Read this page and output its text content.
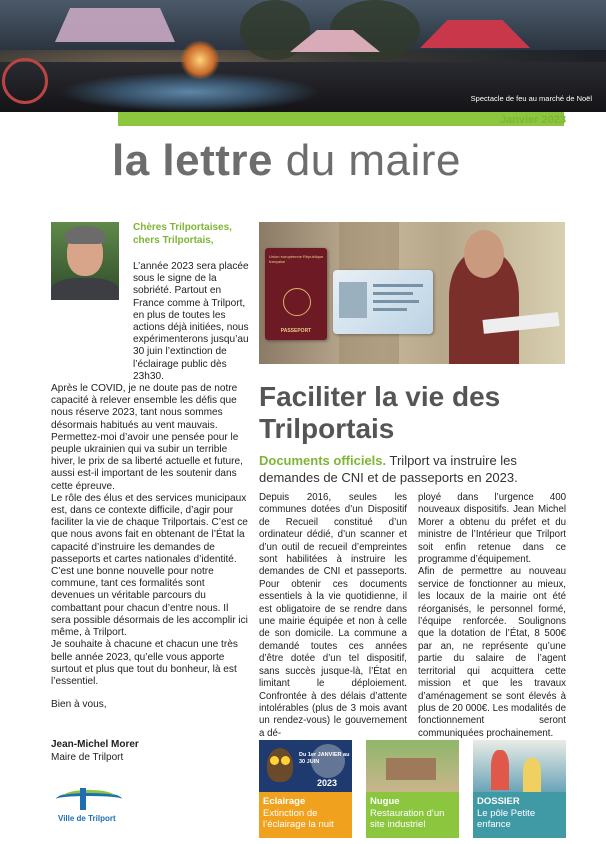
Spectacle de feu au marché de Noël
Janvier 2023
la lettre du maire
Chères Trilportaises, chers Trilportais,

L’année 2023 sera placée sous le signe de la sobriété. Partout en France comme à Trilport, en plus de toutes les actions déjà initiées, nous expérimenterons jusqu’au 30 juin l’extinction de l’éclairage public dès 23h30.

Après le COVID, je ne doute pas de notre capacité à relever ensemble les défis que nous réserve 2023, tant nous sommes désormais habitués au vent mauvais. Permettez-moi d’avoir une pensée pour le peuple ukrainien qui va subir un terrible hiver, le prix de sa liberté actuelle et future, aussi est-il important de les soutenir dans cette épreuve.

Le rôle des élus et des services municipaux est, dans ce contexte difficile, d’agir pour faciliter la vie de chaque Trilportais. C’est ce que nous avons fait en obtenant de l’État la capacité d’instruire les demandes de passeports et cartes nationales d’identité. C’est une bonne nouvelle pour notre commune, tant ces formalités sont devenues un véritable parcours du combattant pour chacun d’entre nous. Il sera possible désormais de les accomplir ici même, à Trilport.

Je souhaite à chacune et chacun une très belle année 2023, qu’elle vous apporte surtout et plus que tout du bonheur, là est l’essentiel.

Bien à vous,

Jean-Michel Morer
Maire de Trilport
Ville de Trilport
Union européenne République française
PASSEPORT
Faciliter la vie des Trilportais
Documents officiels. Trilport va instruire les demandes de CNI et de passeports en 2023.

Depuis 2016, seules les communes dotées d’un Dispositif de Recueil constitué d’un ordinateur dédié, d’un scanner et d’un outil de recueil d’empreintes sont habilitées à instruire les demandes de CNI et passeports. Pour obtenir ces documents essentiels à la vie quotidienne, il est obligatoire de se rendre dans une mairie équipée et non à celle de son domicile. La commune a demandé toutes ces années d’être dotée d’un tel dispositif, sans succès jusque-là, l’État en limitant le déploiement. Confrontée à des délais d’attente intolérables (plus de 3 mois avant un rendez-vous) le gouvernement a dé-

ployé dans l’urgence 400 nouveaux dispositifs. Jean Michel Morer a obtenu du préfet et du ministre de l’Intérieur que Trilport soit enfin retenue dans ce programme d’équipement.

Afin de permettre au nouveau service de fonctionner au mieux, les locaux de la mairie ont été réorganisés, le personnel formé, l’équipe renforcée. Soulignons que la dotation de l’État, 8 500€ par an, ne représente qu’une partie du salaire de l’agent territorial qui acquittera cette mission et que les travaux d’aménagement se sont élevés à plus de 20 000€. Les modalités de fonctionnement seront communiquées prochainement.

Du 1er JANVIER au 30 JUIN
2023
Eclairage
Extinction de l’éclairage la nuit
Nugue
Restauration d’un site industriel
DOSSIER
Le pôle Petite enfance
